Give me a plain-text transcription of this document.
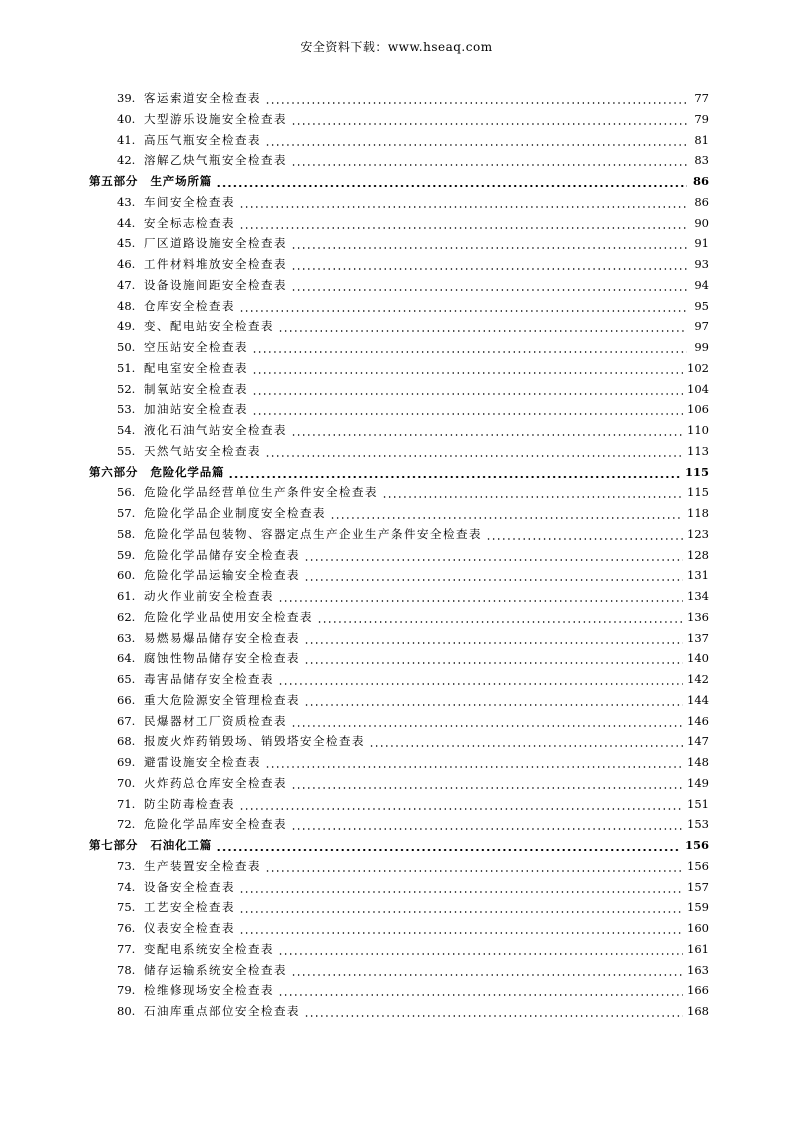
安全资料下载：www.hseaq.com
39. 客运索道安全检查表	77
40. 大型游乐设施安全检查表	79
41. 高压气瓶安全检查表	81
42. 溶解乙炔气瓶安全检查表	83
第五部分　生产场所篇	86
43. 车间安全检查表	86
44. 安全标志检查表	90
45. 厂区道路设施安全检查表	91
46. 工件材料堆放安全检查表	93
47. 设备设施间距安全检查表	94
48. 仓库安全检查表	95
49. 变、配电站安全检查表	97
50. 空压站安全检查表	99
51. 配电室安全检查表	102
52. 制氧站安全检查表	104
53. 加油站安全检查表	106
54. 液化石油气站安全检查表	110
55. 天然气站安全检查表	113
第六部分　危险化学品篇	115
56. 危险化学品经营单位生产条件安全检查表	115
57. 危险化学品企业制度安全检查表	118
58. 危险化学品包装物、容器定点生产企业生产条件安全检查表	123
59. 危险化学品储存安全检查表	128
60. 危险化学品运输安全检查表	131
61. 动火作业前安全检查表	134
62. 危险化学业品使用安全检查表	136
63. 易燃易爆品储存安全检查表	137
64. 腐蚀性物品储存安全检查表	140
65. 毒害品储存安全检查表	142
66. 重大危险源安全管理检查表	144
67. 民爆器材工厂资质检查表	146
68. 报废火炸药销毁场、销毁塔安全检查表	147
69. 避雷设施安全检查表	148
70. 火炸药总仓库安全检查表	149
71. 防尘防毒检查表	151
72. 危险化学品库安全检查表	153
第七部分　石油化工篇	156
73. 生产装置安全检查表	156
74. 设备安全检查表	157
75. 工艺安全检查表	159
76. 仪表安全检查表	160
77. 变配电系统安全检查表	161
78. 储存运输系统安全检查表	163
79. 检维修现场安全检查表	166
80. 石油库重点部位安全检查表	168
